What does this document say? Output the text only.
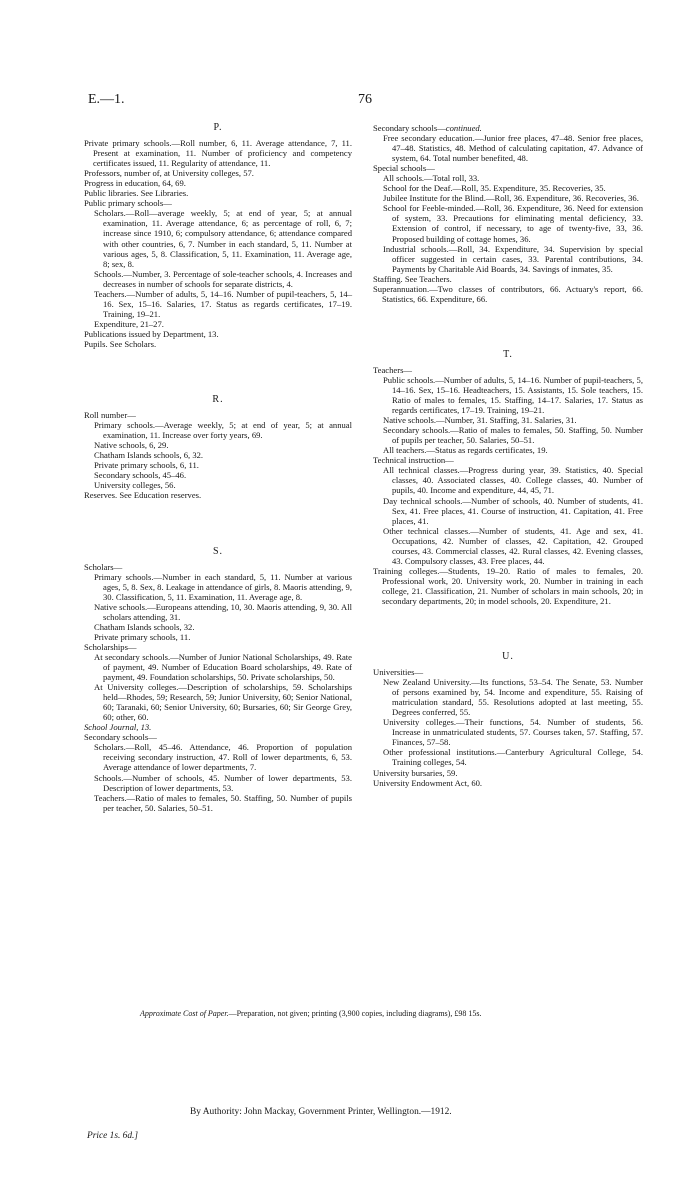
E.—1.	76
P.

Private primary schools.—Roll number, 6, 11. Average attendance, 7, 11. Present at examination, 11. Number of proficiency and competency certificates issued, 11. Regularity of attendance, 11.

Professors, number of, at University colleges, 57.

Progress in education, 64, 69.

Public libraries. See Libraries.

Public primary schools—

Scholars.—Roll—average weekly, 5; at end of year, 5; at annual examination, 11. Average attendance, 6; as percentage of roll, 6, 7; increase since 1910, 6; compulsory attendance, 6; attendance compared with other countries, 6, 7. Number in each standard, 5, 11. Number at various ages, 5, 8. Classification, 5, 11. Examination, 11. Average age, 8; sex, 8.

Schools.—Number, 3. Percentage of sole-teacher schools, 4. Increases and decreases in number of schools for separate districts, 4.

Teachers.—Number of adults, 5, 14–16. Number of pupil-teachers, 5, 14–16. Sex, 15–16. Salaries, 17. Status as regards certificates, 17–19. Training, 19–21.

Expenditure, 21–27.

Publications issued by Department, 13.

Pupils. See Scholars.

R.

Roll number—

Primary schools.—Average weekly, 5; at end of year, 5; at annual examination, 11. Increase over forty years, 69.

Native schools, 6, 29.

Chatham Islands schools, 6, 32.

Private primary schools, 6, 11.

Secondary schools, 45–46.

University colleges, 56.

Reserves. See Education reserves.

S.

Scholars—

Primary schools.—Number in each standard, 5, 11. Number at various ages, 5, 8. Sex, 8. Leakage in attendance of girls, 8. Maoris attending, 9, 30. Classification, 5, 11. Examination, 11. Average age, 8.

Native schools.—Europeans attending, 10, 30. Maoris attending, 9, 30. All scholars attending, 31.

Chatham Islands schools, 32.

Private primary schools, 11.

Scholarships—

At secondary schools.—Number of Junior National Scholarships, 49. Rate of payment, 49. Number of Education Board scholarships, 49. Rate of payment, 49. Foundation scholarships, 50. Private scholarships, 50.

At University colleges.—Description of scholarships, 59. Scholarships held—Rhodes, 59; Research, 59; Junior University, 60; Senior National, 60; Taranaki, 60; Senior University, 60; Bursaries, 60; Sir George Grey, 60; other, 60.

School Journal, 13.

Secondary schools—

Scholars.—Roll, 45–46. Attendance, 46. Proportion of population receiving secondary instruction, 47. Roll of lower departments, 6, 53. Average attendance of lower departments, 7.

Schools.—Number of schools, 45. Number of lower departments, 53. Description of lower departments, 53.

Teachers.—Ratio of males to females, 50. Staffing, 50. Number of pupils per teacher, 50. Salaries, 50–51.

Secondary schools—continued.

Free secondary education.—Junior free places, 47–48. Senior free places, 47–48. Statistics, 48. Method of calculating capitation, 47. Advance of system, 64. Total number benefited, 48.

Special schools—

All schools.—Total roll, 33.

School for the Deaf.—Roll, 35. Expenditure, 35. Recoveries, 35.

Jubilee Institute for the Blind.—Roll, 36. Expenditure, 36. Recoveries, 36.

School for Feeble-minded.—Roll, 36. Expenditure, 36. Need for extension of system, 33. Precautions for eliminating mental deficiency, 33. Extension of control, if necessary, to age of twenty-five, 33, 36. Proposed building of cottage homes, 36.

Industrial schools.—Roll, 34. Expenditure, 34. Supervision by special officer suggested in certain cases, 33. Parental contributions, 34. Payments by Charitable Aid Boards, 34. Savings of inmates, 35.

Staffing. See Teachers.

Superannuation.—Two classes of contributors, 66. Actuary's report, 66. Statistics, 66. Expenditure, 66.

T.

Teachers—

Public schools.—Number of adults, 5, 14–16. Number of pupil-teachers, 5, 14–16. Sex, 15–16. Headteachers, 15. Assistants, 15. Sole teachers, 15. Ratio of males to females, 15. Staffing, 14–17. Salaries, 17. Status as regards certificates, 17–19. Training, 19–21.

Native schools.—Number, 31. Staffing, 31. Salaries, 31.

Secondary schools.—Ratio of males to females, 50. Staffing, 50. Number of pupils per teacher, 50. Salaries, 50–51.

All teachers.—Status as regards certificates, 19.

Technical instruction—

All technical classes.—Progress during year, 39. Statistics, 40. Special classes, 40. Associated classes, 40. College classes, 40. Number of pupils, 40. Income and expenditure, 44, 45, 71.

Day technical schools.—Number of schools, 40. Number of students, 41. Sex, 41. Free places, 41. Course of instruction, 41. Capitation, 41. Free places, 41.

Other technical classes.—Number of students, 41. Age and sex, 41. Occupations, 42. Number of classes, 42. Capitation, 42. Grouped courses, 43. Commercial classes, 42. Rural classes, 42. Evening classes, 43. Compulsory classes, 43. Free places, 44.

Training colleges.—Students, 19–20. Ratio of males to females, 20. Professional work, 20. University work, 20. Number in training in each college, 21. Classification, 21. Number of scholars in main schools, 20; in secondary departments, 20; in model schools, 20. Expenditure, 21.

U.

Universities—

New Zealand University.—Its functions, 53–54. The Senate, 53. Number of persons examined by, 54. Income and expenditure, 55. Raising of matriculation standard, 55. Resolutions adopted at last meeting, 55. Degrees conferred, 55.

University colleges.—Their functions, 54. Number of students, 56. Increase in unmatriculated students, 57. Courses taken, 57. Staffing, 57. Finances, 57–58.

Other professional institutions.—Canterbury Agricultural College, 54. Training colleges, 54.

University bursaries, 59.

University Endowment Act, 60.

Approximate Cost of Paper.—Preparation, not given; printing (3,900 copies, including diagrams), £98 15s.
By Authority: John Mackay, Government Printer, Wellington.—1912.
Price 1s. 6d.]
